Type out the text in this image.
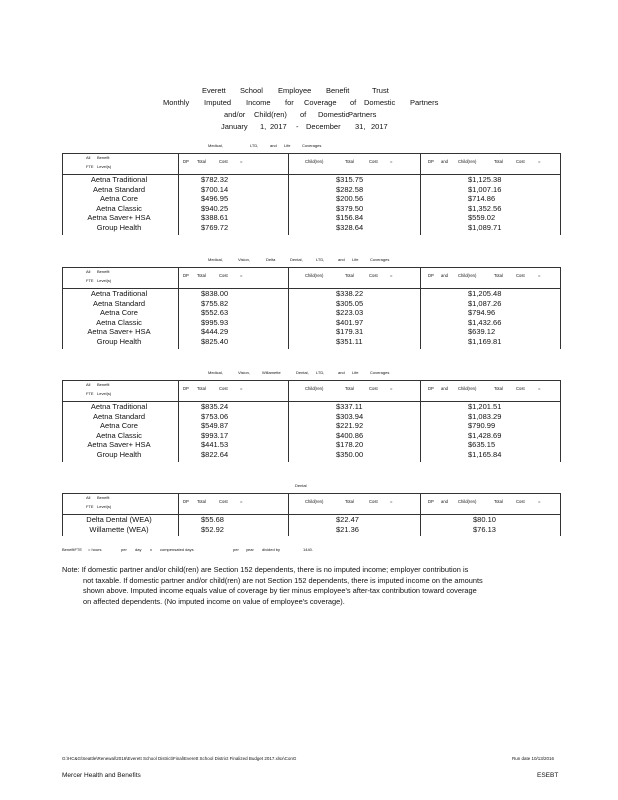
Everett School Employee Benefit	Trust
Monthly Imputed Income for Coverage of Domestic Partners
and/or Child(ren) of Domestic
Partners
January 1, 2017 - December 31, 2017
Medical,	LTD,	and Life	Coverages
All Benefit
FTE Level(s)
DP Total	Cost	=	Child(ren)	Total	Cost	=	DP and Child(ren)	Total	Cost	=
Aetna Traditional	$782.32	$315.75	$1,125.38
Aetna Standard	$700.14	$282.58	$1,007.16
Aetna Core	$496.95	$200.56	$714.86
Aetna Classic	$940.25	$379.50	$1,352.56
Aetna Saver+ HSA	$388.61	$156.84	$559.02
Group Health	$769.72	$328.64	$1,089.71
Medical,	Vision,	Delta	Dental,	LTD,	and Life	Coverages
All Benefit
FTE Level(s)
DP Total	Cost	=	Child(ren)	Total	Cost	=	DP and Child(ren)	Total	Cost	=
Aetna Traditional	$838.00	$338.22	$1,205.48
Aetna Standard	$755.82	$305.05	$1,087.26
Aetna Core	$552.63	$223.03	$794.96
Aetna Classic	$995.93	$401.97	$1,432.66
Aetna Saver+ HSA	$444.29	$179.31	$639.12
Group Health	$825.40	$351.11	$1,169.81
Medical,	Vision,	Willamette	Dental, LTD,	and Life	Coverages
All Benefit
FTE Level(s)
DP Total	Cost	=	Child(ren)	Total	Cost	=	DP and Child(ren)	Total	Cost	=
Aetna Traditional	$835.24	$337.11	$1,201.51
Aetna Standard	$753.06	$303.94	$1,083.29
Aetna Core	$549.87	$221.92	$790.99
Aetna Classic	$993.17	$400.86	$1,428.69
Aetna Saver+ HSA	$441.53	$178.20	$635.15
Group Health	$822.64	$350.00	$1,165.84
Dental
All Benefit
FTE Level(s)
DP Total	Cost	=	Child(ren)	Total	Cost	=	DP and Child(ren)	Total	Cost	=
Delta Dental (WEA)	$55.68	$22.47	$80.10
Willamette (WEA)	$52.92	$21.36	$76.13
BenefitFTE = hours	per day x compensated days	per year divided by	1440.
Note: If domestic partner and/or child(ren) are Section 152 dependents, there is no imputed income; employer contribution is
not taxable. If domestic partner and/or child(ren) are not Section 152 dependents, there is imputed income on the amounts
shown above. Imputed income equals value of coverage by tier minus employee's after-tax contribution toward coverage
on affected dependents. (No imputed income on value of employee's coverage).
G:\HC&G\Seattle\Renewal\2016\Everett School District\Final\Everett School District Finalized Budget 2017.xlsx\ConG	Run date 10/13/2016
Mercer Health and Benefits	ESEBT
